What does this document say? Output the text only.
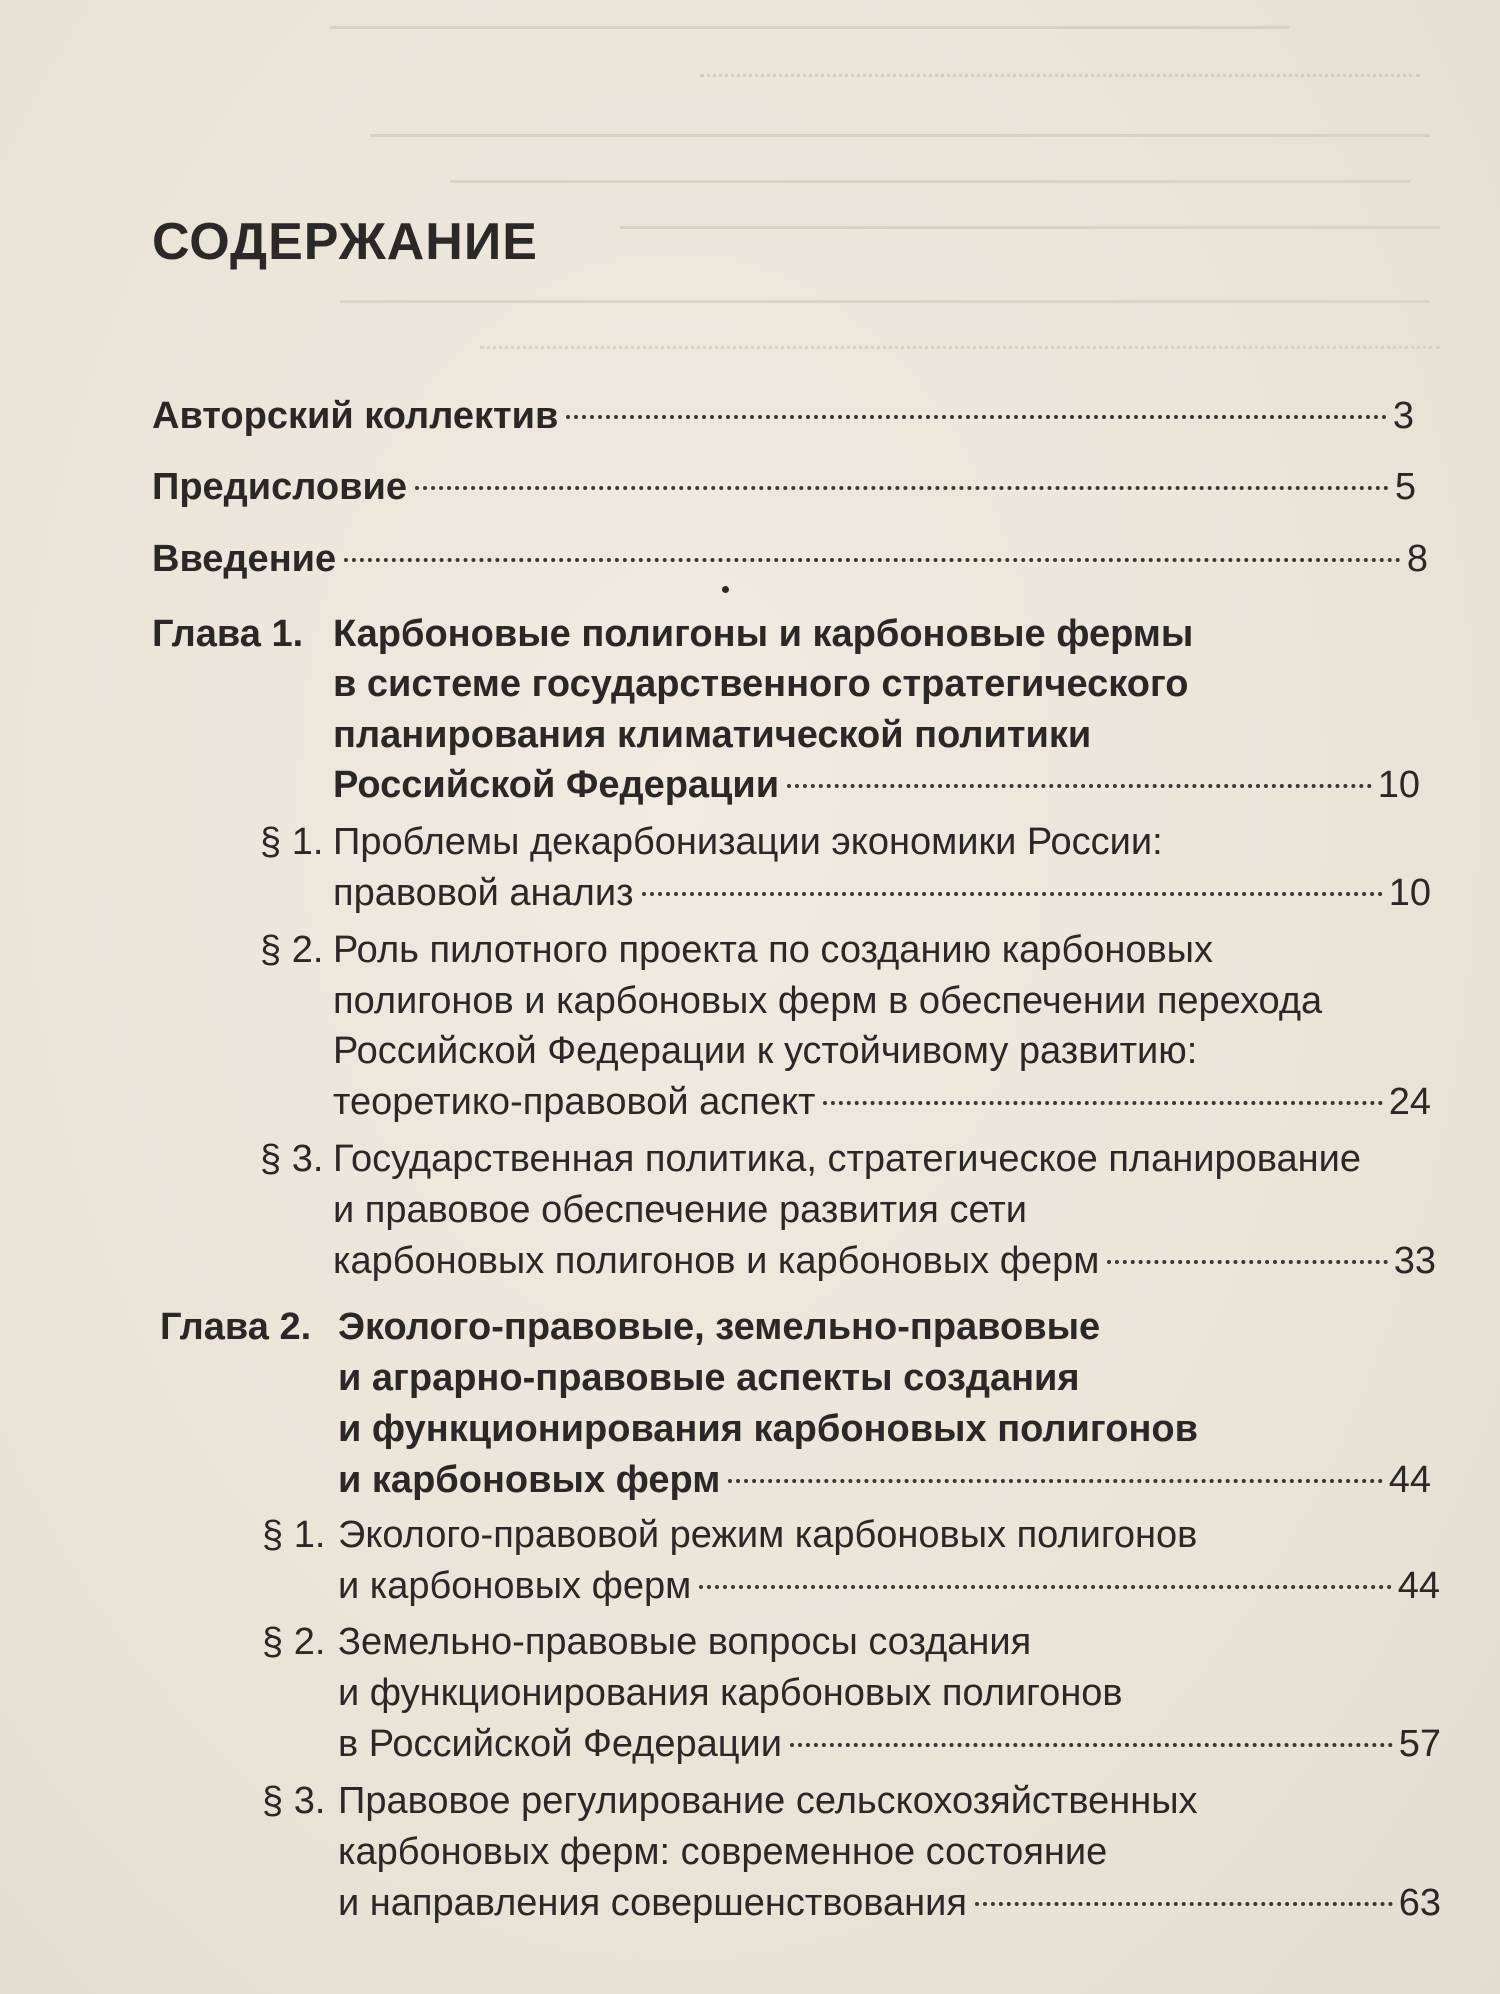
СОДЕРЖАНИЕ
Авторский коллектив	3
Предисловие	5
Введение	8
Глава 1. Карбоновые полигоны и карбоновые фермы
в системе государственного стратегического
планирования климатической политики
Российской Федерации	10
§ 1. Проблемы декарбонизации экономики России:
правовой анализ	10
§ 2. Роль пилотного проекта по созданию карбоновых
полигонов и карбоновых ферм в обеспечении перехода
Российской Федерации к устойчивому развитию:
теоретико-правовой аспект	24
§ 3. Государственная политика, стратегическое планирование
и правовое обеспечение развития сети
карбоновых полигонов и карбоновых ферм	33
Глава 2. Эколого-правовые, земельно-правовые
и аграрно-правовые аспекты создания
и функционирования карбоновых полигонов
и карбоновых ферм	44
§ 1. Эколого-правовой режим карбоновых полигонов
и карбоновых ферм	44
§ 2. Земельно-правовые вопросы создания
и функционирования карбоновых полигонов
в Российской Федерации	57
§ 3. Правовое регулирование сельскохозяйственных
карбоновых ферм: современное состояние
и направления совершенствования	63
